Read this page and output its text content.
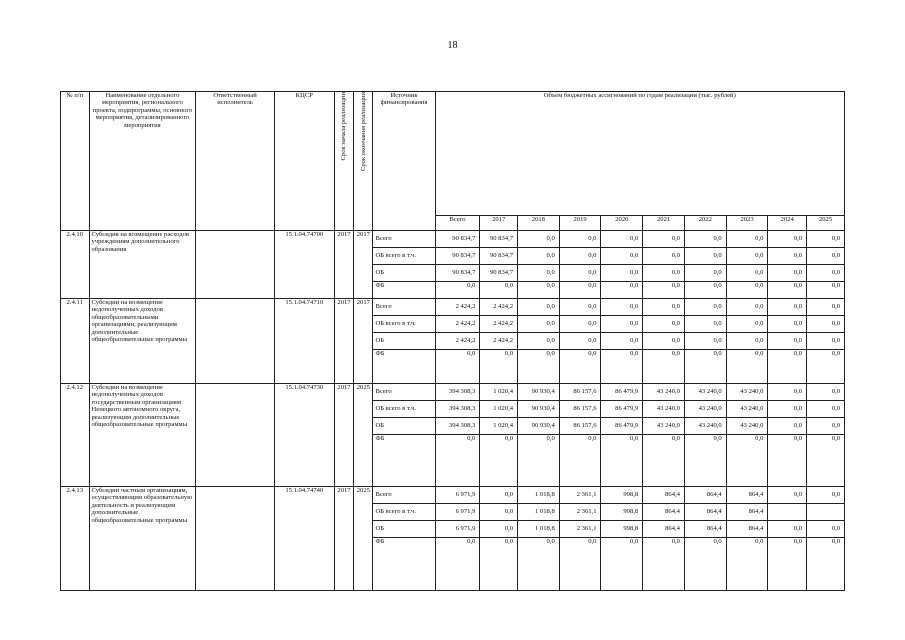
18
№ п/п	Наименование отдельного мероприятия, регионального проекта, подпрограммы, основного мероприятия, детализированного мероприятия	Ответственный исполнитель	КЦСР	Срок начала реализации	Срок окончания реализации	Источник финансирования	Объем бюджетных ассигнований по годам реализации (тыс. рублей)									
							Всего	2017	2018	2019	2020	2021	2022	2023	2024	2025
2.4.10	Субсидия на возмещение расходов учреждениям дополнительного образования		15.1.04.74700	2017	2017	Всего	90 834,7	90 834,7	0,0	0,0	0,0	0,0	0,0	0,0	0,0	0,0
						ОБ всего в т.ч.	90 834,7	90 834,7	0,0	0,0	0,0	0,0	0,0	0,0	0,0	0,0
						ОБ	90 834,7	90 834,7	0,0	0,0	0,0	0,0	0,0	0,0	0,0	0,0
						ФБ	0,0	0,0	0,0	0,0	0,0	0,0	0,0	0,0	0,0	0,0
2.4.11	Субсидии на возмещение недополученных доходов общеобразовательными организациями, реализующим дополнительные общеобразовательные программы		15.1.04.74710	2017	2017	Всего	2 424,2	2 424,2	0,0	0,0	0,0	0,0	0,0	0,0	0,0	0,0
						ОБ всего в т.ч.	2 424,2	2 424,2	0,0	0,0	0,0	0,0	0,0	0,0	0,0	0,0
						ОБ	2 424,2	2 424,2	0,0	0,0	0,0	0,0	0,0	0,0	0,0	0,0
						ФБ	0,0	0,0	0,0	0,0	0,0	0,0	0,0	0,0	0,0	0,0
2.4.12	Субсидии на возмещение недополученных доходов государственным организациям Ненецкого автономного округа, реализующим дополнительные общеобразовательные программы		15.1.04.74730	2017	2025	Всего	394 308,3	1 020,4	90 930,4	86 157,6	86 479,9	43 240,0	43 240,0	43 240,0	0,0	0,0
						ОБ всего в т.ч.	394 308,3	1 020,4	90 930,4	86 157,6	86 479,9	43 240,0	43 240,0	43 240,0	0,0	0,0
						ОБ	394 308,3	1 020,4	90 930,4	86 157,6	86 479,9	43 240,0	43 240,0	43 240,0	0,0	0,0
						ФБ	0,0	0,0	0,0	0,0	0,0	0,0	0,0	0,0	0,0	0,0
2.4.13	Субсидии частным организациям, осуществляющим образовательную деятельность и реализующим дополнительные общеобразовательные программы		15.1.04.74740	2017	2025	Всего	6 971,9	0,0	1 018,8	2 361,1	998,8	864,4	864,4	864,4	0,0	0,0
						ОБ всего в т.ч.	6 971,9	0,0	1 018,8	2 361,1	998,8	864,4	864,4	864,4		
						ОБ	6 971,9	0,0	1 018,8	2 361,1	998,8	864,4	864,4	864,4	0,0	0,0
						ФБ	0,0	0,0	0,0	0,0	0,0	0,0	0,0	0,0	0,0	0,0
